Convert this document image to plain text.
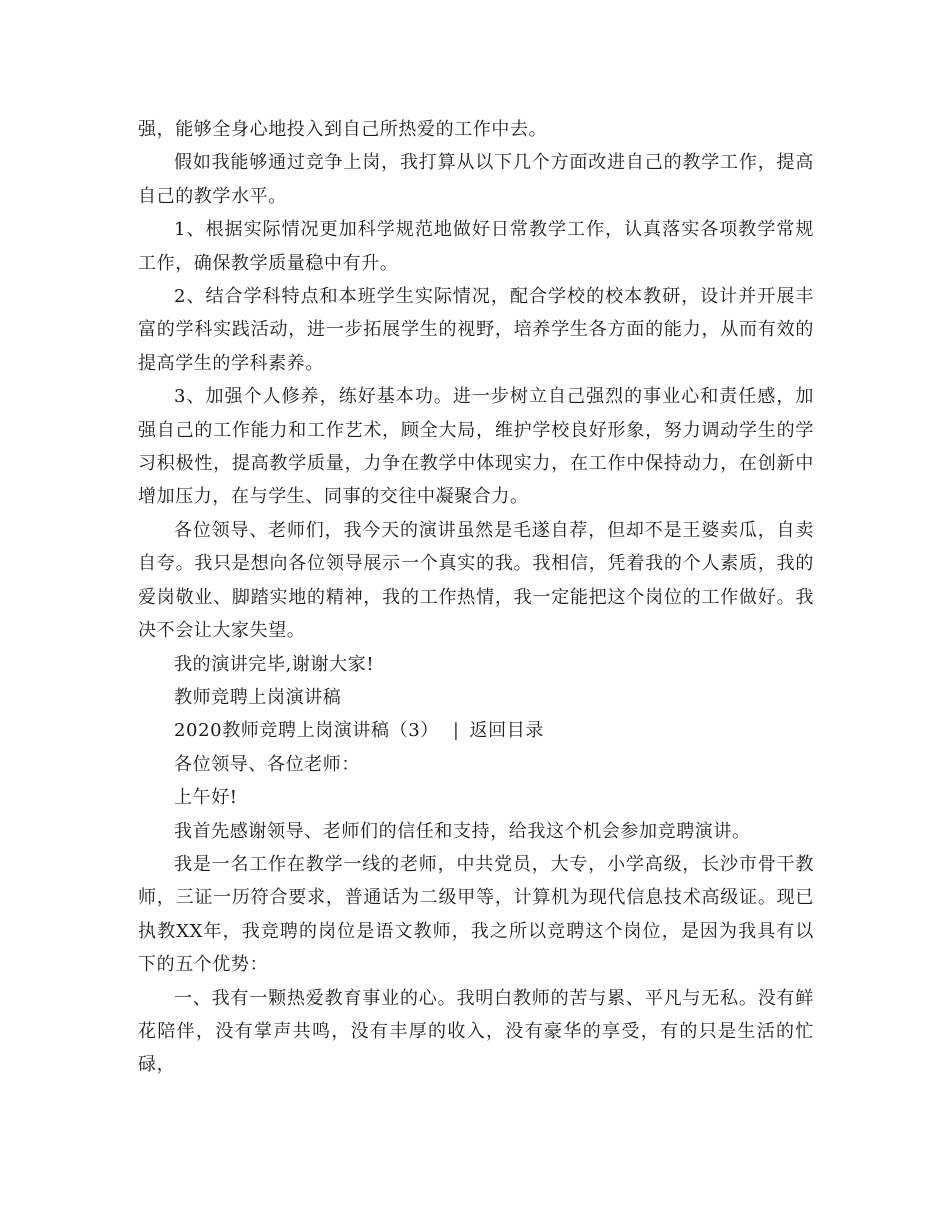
强，能够全身心地投入到自己所热爱的工作中去。

假如我能够通过竞争上岗，我打算从以下几个方面改进自己的教学工作，提高自己的教学水平。

1、根据实际情况更加科学规范地做好日常教学工作，认真落实各项教学常规工作，确保教学质量稳中有升。

2、结合学科特点和本班学生实际情况，配合学校的校本教研，设计并开展丰富的学科实践活动，进一步拓展学生的视野，培养学生各方面的能力，从而有效的提高学生的学科素养。

3、加强个人修养，练好基本功。进一步树立自己强烈的事业心和责任感，加强自己的工作能力和工作艺术，顾全大局，维护学校良好形象，努力调动学生的学习积极性，提高教学质量，力争在教学中体现实力，在工作中保持动力，在创新中增加压力，在与学生、同事的交往中凝聚合力。

各位领导、老师们，我今天的演讲虽然是毛遂自荐，但却不是王婆卖瓜，自卖自夸。我只是想向各位领导展示一个真实的我。我相信，凭着我的个人素质，我的爱岗敬业、脚踏实地的精神，我的工作热情，我一定能把这个岗位的工作做好。我决不会让大家失望。

我的演讲完毕,谢谢大家!

教师竞聘上岗演讲稿

2020教师竞聘上岗演讲稿（3） | 返回目录

各位领导、各位老师：

上午好!

我首先感谢领导、老师们的信任和支持，给我这个机会参加竞聘演讲。

我是一名工作在教学一线的老师，中共党员，大专，小学高级，长沙市骨干教师，三证一历符合要求，普通话为二级甲等，计算机为现代信息技术高级证。现已执教XX年，我竞聘的岗位是语文教师，我之所以竞聘这个岗位，是因为我具有以下的五个优势：

一、我有一颗热爱教育事业的心。我明白教师的苦与累、平凡与无私。没有鲜花陪伴，没有掌声共鸣，没有丰厚的收入，没有豪华的享受，有的只是生活的忙碌，
